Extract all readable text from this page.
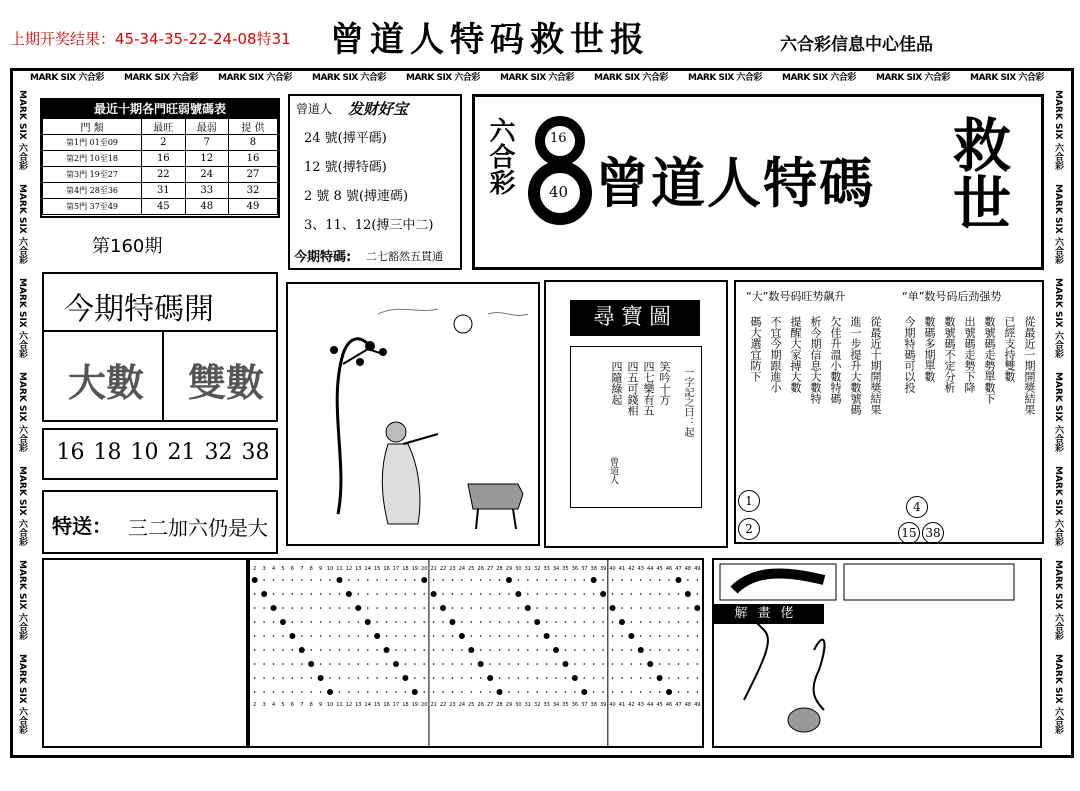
上期开奖结果：45-34-35-22-24-08特31 曾道人特码救世报	六合彩信息中心佳品
MARK SIX 六合彩 MARK SIX 六合彩 MARK SIX 六合彩 MARK SIX 六合彩 MARK SIX 六合彩 MARK SIX 六合彩 MARK SIX 六合彩 MARK SIX 六合彩 MARK SIX 六合彩 MARK SIX 六合彩 MARK SIX 六合彩
MARK SIX 六合彩
MARK SIX 六合彩
MARK SIX 六合彩
MARK SIX 六合彩
MARK SIX 六合彩
MARK SIX 六合彩
MARK SIX 六合彩
MARK SIX 六合彩
MARK SIX 六合彩
MARK SIX 六合彩
MARK SIX 六合彩
MARK SIX 六合彩
MARK SIX 六合彩
MARK SIX 六合彩
最近十期各門旺弱號碼表
門 類	最旺	最弱	提 供
第1門 01至09	2	7	8
第2門 10至18	16	12	16
第3門 19至27	22	24	27
第4門 28至36	31	33	32
第5門 37至49	45	48	49
第160期
曾道人 发财好宝
24 號(搏平碼)
12 號(搏特碼)
2 號 8 號(搏連碼)
3、11、12(搏三中二)
今期特碼: 二七豁然五貫通
六合彩	16
40 曾道人特碼 救世
今期特碼開
大數 雙數
16 18 10 21 32 38
特送： 三二加六仍是大
尋寶圖
笑吟十方
四七樂有五
四五可錢相
四隨綠起	一字記之曰：起
曾道人
“大”数号码旺势飙升	“单”数号码后劲强势
從最近十期開獎結果
進一步提升大數號碼
欠佳升溫小數特碼
析今期信息大數特
提醒大家搏大數
不宜今期跟進小
碼大選宜防下	從最近一期開獎結果
已經支持雙數
數號碼走勢單數下
出號碼走勢下降
數號碼不定分析
數碼多期單數
今期特碼可以投
1
2
4
15 38
2
2
3
3
4
4
5
5
6
6
7
7
8
8
9
9
10
10
11
11
12
12
13
13
14
14
15
15
16
16
17
17
18
18
19
19
20
20
21
21
22
22
23
23
24
24
25
25
26
26
27
27
28
28
29
29
30
30
31
31
32
32
33
33
34
34
35
35
36
36
37
37
38
38
39
39
40
40
41
41
42
42
43
43
44
44
45
45
46
46
47
47
48
48
49
49
解畫佬
